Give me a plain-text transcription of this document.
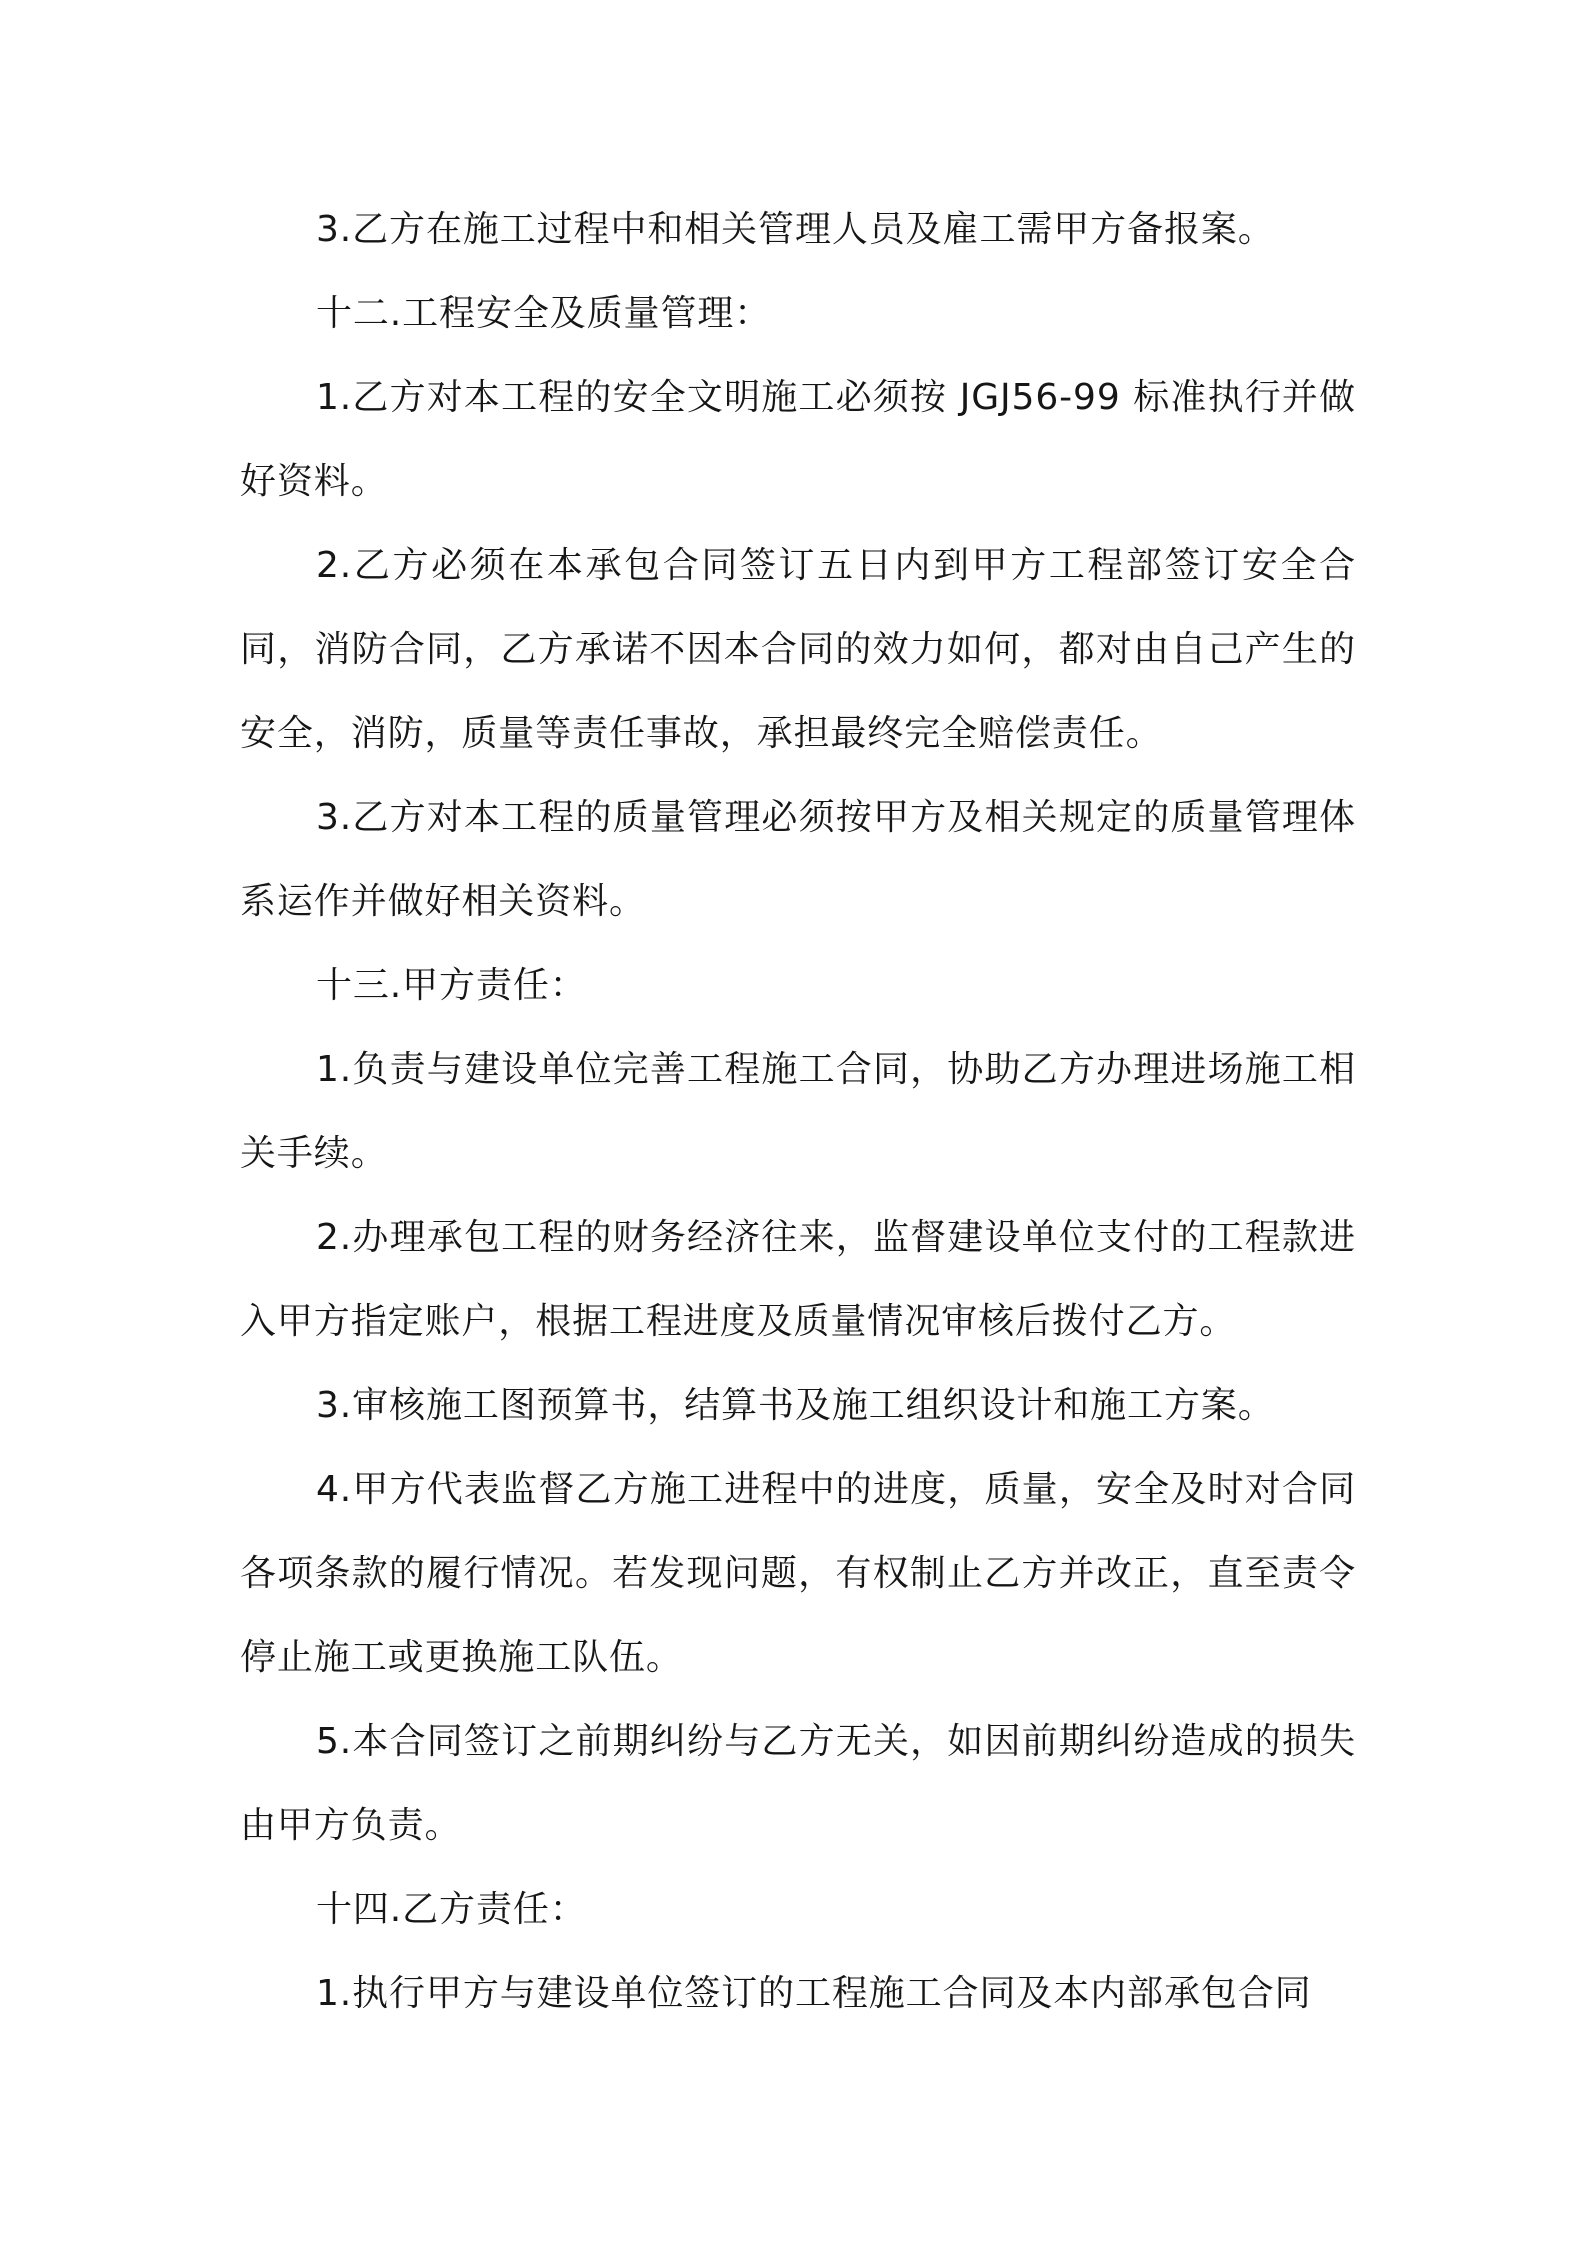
3.乙方在施工过程中和相关管理人员及雇工需甲方备报案。

十二.工程安全及质量管理：

1.乙方对本工程的安全文明施工必须按 JGJ56-99 标准执行并做好资料。

2.乙方必须在本承包合同签订五日内到甲方工程部签订安全合同，消防合同，乙方承诺不因本合同的效力如何，都对由自己产生的安全，消防，质量等责任事故，承担最终完全赔偿责任。

3.乙方对本工程的质量管理必须按甲方及相关规定的质量管理体系运作并做好相关资料。

十三.甲方责任：

1.负责与建设单位完善工程施工合同，协助乙方办理进场施工相关手续。

2.办理承包工程的财务经济往来，监督建设单位支付的工程款进入甲方指定账户，根据工程进度及质量情况审核后拨付乙方。

3.审核施工图预算书，结算书及施工组织设计和施工方案。

4.甲方代表监督乙方施工进程中的进度，质量，安全及时对合同各项条款的履行情况。若发现问题，有权制止乙方并改正，直至责令停止施工或更换施工队伍。

5.本合同签订之前期纠纷与乙方无关，如因前期纠纷造成的损失由甲方负责。

十四.乙方责任：

1.执行甲方与建设单位签订的工程施工合同及本内部承包合同
